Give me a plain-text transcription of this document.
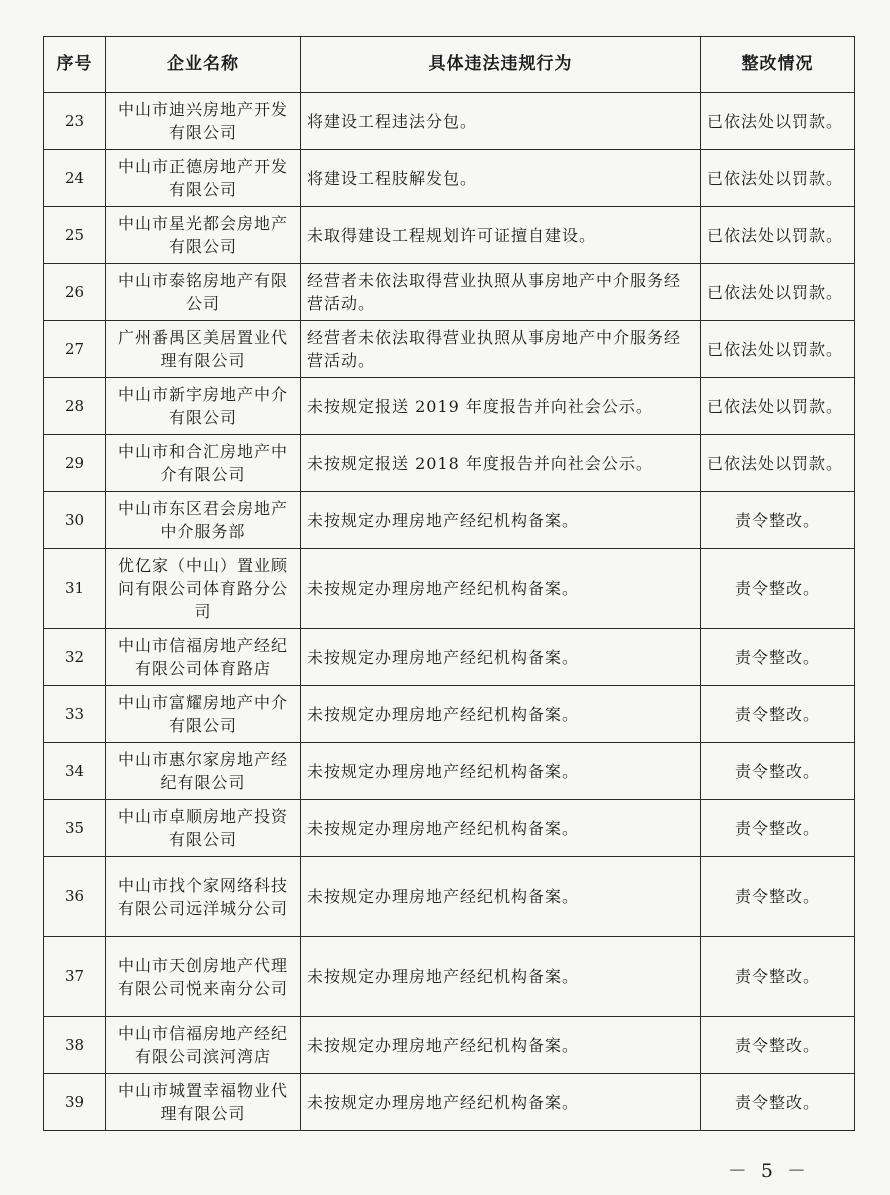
序号	企业名称	具体违法违规行为	整改情况
23	中山市迪兴房地产开发有限公司	将建设工程违法分包。	已依法处以罚款。
24	中山市正德房地产开发有限公司	将建设工程肢解发包。	已依法处以罚款。
25	中山市星光都会房地产有限公司	未取得建设工程规划许可证擅自建设。	已依法处以罚款。
26	中山市泰铭房地产有限公司	经营者未依法取得营业执照从事房地产中介服务经营活动。	已依法处以罚款。
27	广州番禺区美居置业代理有限公司	经营者未依法取得营业执照从事房地产中介服务经营活动。	已依法处以罚款。
28	中山市新宇房地产中介有限公司	未按规定报送 2019 年度报告并向社会公示。	已依法处以罚款。
29	中山市和合汇房地产中介有限公司	未按规定报送 2018 年度报告并向社会公示。	已依法处以罚款。
30	中山市东区君会房地产中介服务部	未按规定办理房地产经纪机构备案。	责令整改。
31	优亿家（中山）置业顾问有限公司体育路分公司	未按规定办理房地产经纪机构备案。	责令整改。
32	中山市信福房地产经纪有限公司体育路店	未按规定办理房地产经纪机构备案。	责令整改。
33	中山市富耀房地产中介有限公司	未按规定办理房地产经纪机构备案。	责令整改。
34	中山市惠尔家房地产经纪有限公司	未按规定办理房地产经纪机构备案。	责令整改。
35	中山市卓顺房地产投资有限公司	未按规定办理房地产经纪机构备案。	责令整改。
36	中山市找个家网络科技有限公司远洋城分公司	未按规定办理房地产经纪机构备案。	责令整改。
37	中山市天创房地产代理有限公司悦来南分公司	未按规定办理房地产经纪机构备案。	责令整改。
38	中山市信福房地产经纪有限公司滨河湾店	未按规定办理房地产经纪机构备案。	责令整改。
39	中山市城置幸福物业代理有限公司	未按规定办理房地产经纪机构备案。	责令整改。
－ 5 －
